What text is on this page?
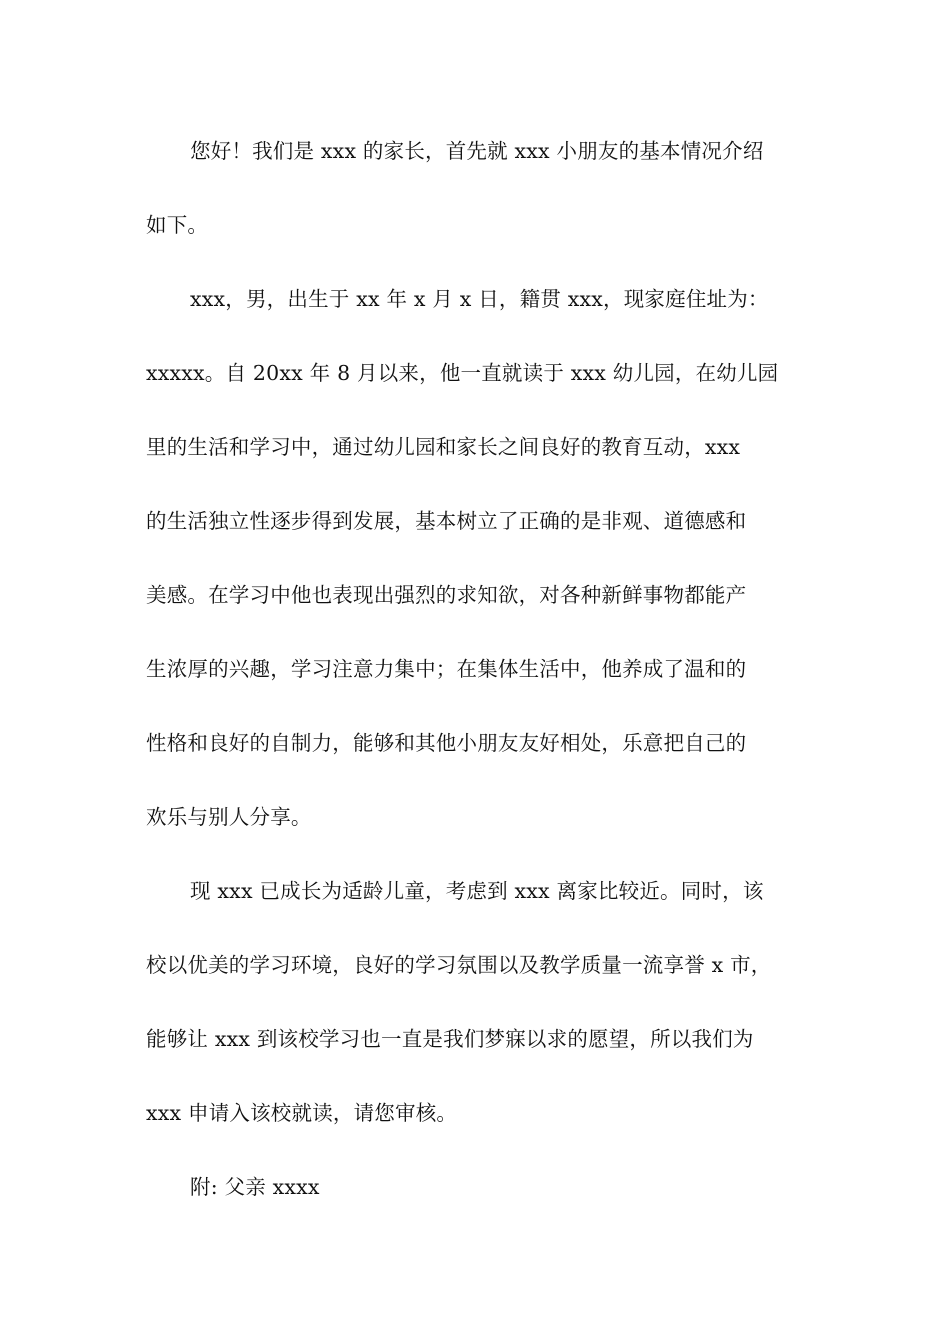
您好！我们是 xxx 的家长，首先就 xxx 小朋友的基本情况介绍
如下。
xxx，男，出生于 xx 年 x 月 x 日，籍贯 xxx，现家庭住址为：
xxxxx。自 20xx 年 8 月以来，他一直就读于 xxx 幼儿园，在幼儿园
里的生活和学习中，通过幼儿园和家长之间良好的教育互动，xxx
的生活独立性逐步得到发展，基本树立了正确的是非观、道德感和
美感。在学习中他也表现出强烈的求知欲，对各种新鲜事物都能产
生浓厚的兴趣，学习注意力集中；在集体生活中，他养成了温和的
性格和良好的自制力，能够和其他小朋友友好相处，乐意把自己的
欢乐与别人分享。
现 xxx 已成长为适龄儿童，考虑到 xxx 离家比较近。同时，该
校以优美的学习环境，良好的学习氛围以及教学质量一流享誉 x 市，
能够让 xxx 到该校学习也一直是我们梦寐以求的愿望，所以我们为
xxx 申请入该校就读，请您审核。
附: 父亲 xxxx
